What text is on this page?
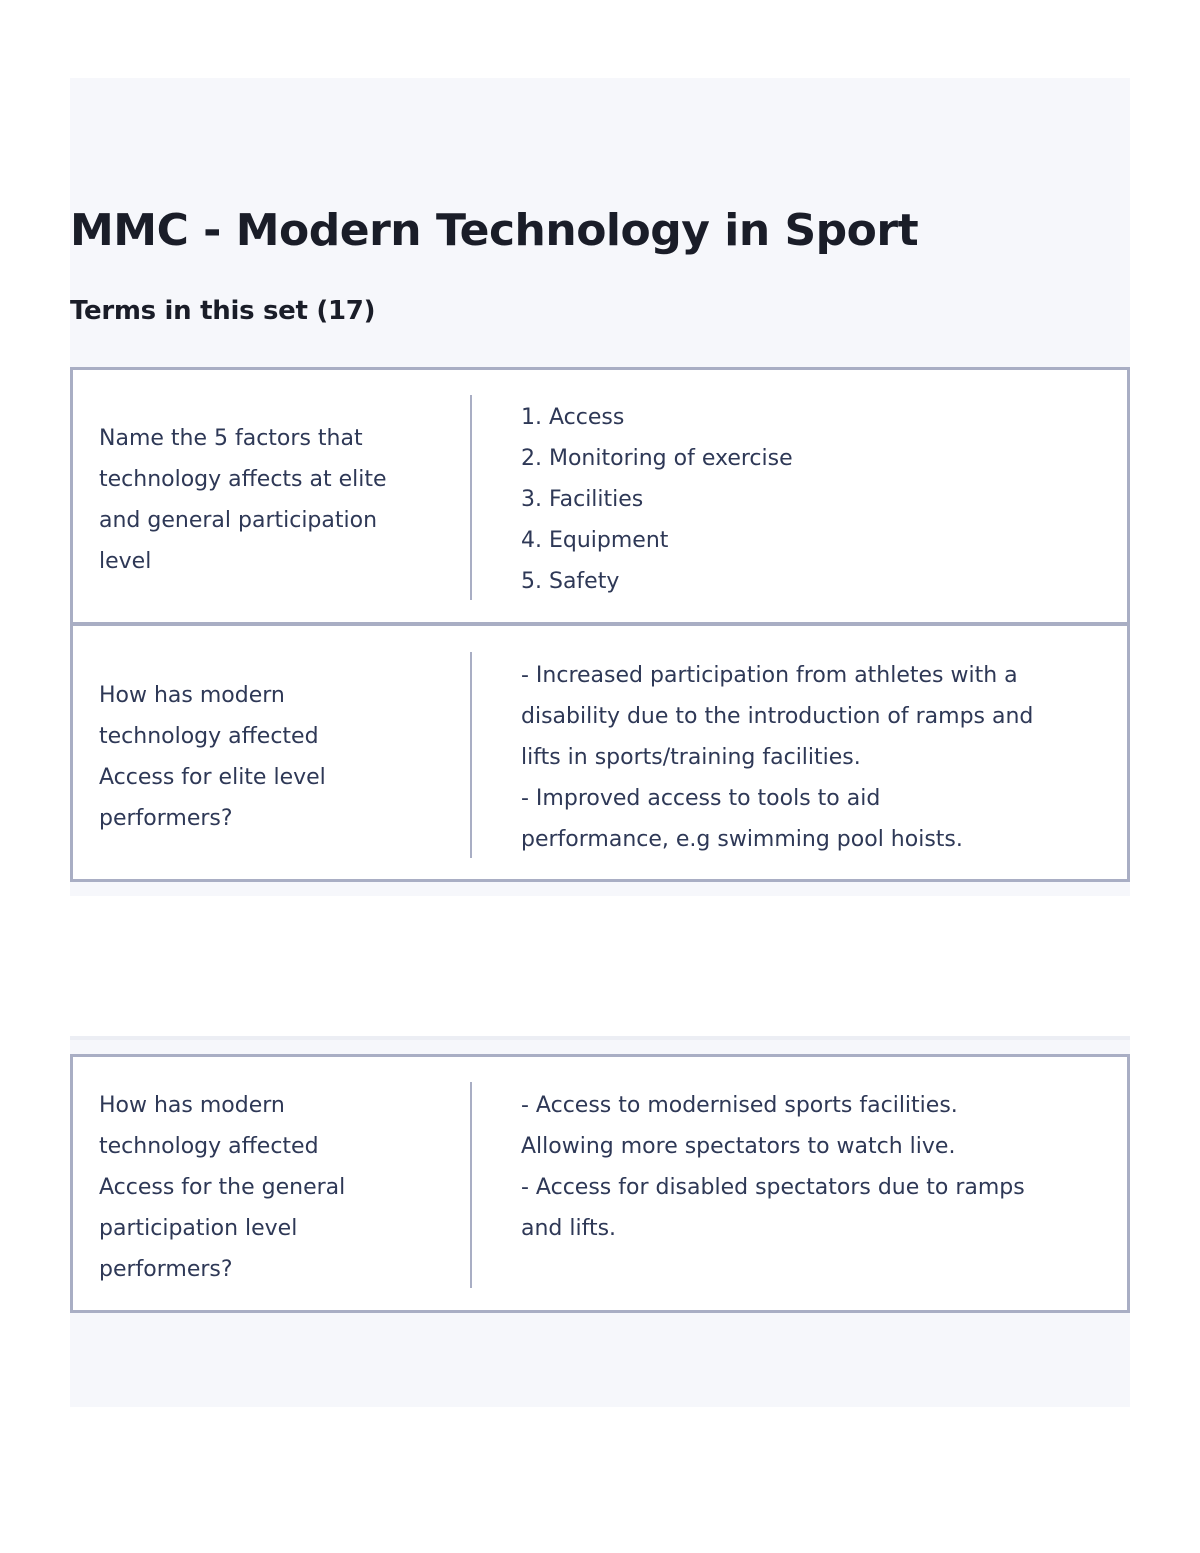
MMC - Modern Technology in Sport
Terms in this set (17)
Name the 5 factors that
technology affects at elite
and general participation
level
1. Access
2. Monitoring of exercise
3. Facilities
4. Equipment
5. Safety
How has modern
technology affected
Access for elite level
performers?
- Increased participation from athletes with a
disability due to the introduction of ramps and
lifts in sports/training facilities.
- Improved access to tools to aid
performance, e.g swimming pool hoists.
How has modern
technology affected
Access for the general
participation level
performers?
- Access to modernised sports facilities.
Allowing more spectators to watch live.
- Access for disabled spectators due to ramps
and lifts.
